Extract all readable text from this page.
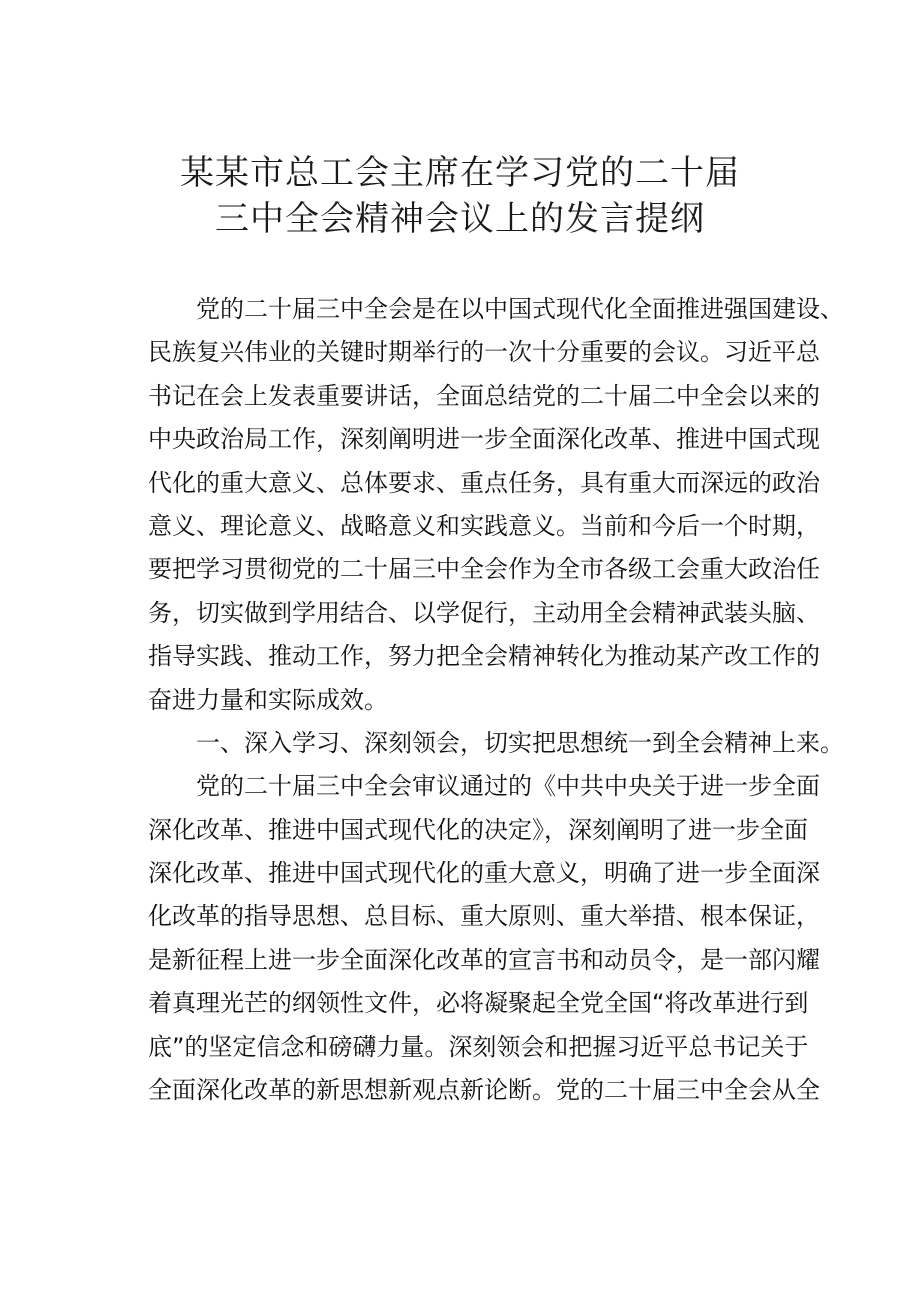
某某市总工会主席在学习党的二十届
三中全会精神会议上的发言提纲
党的二十届三中全会是在以中国式现代化全面推进强国建设、
民族复兴伟业的关键时期举行的一次十分重要的会议。习近平总
书记在会上发表重要讲话，全面总结党的二十届二中全会以来的
中央政治局工作，深刻阐明进一步全面深化改革、推进中国式现
代化的重大意义、总体要求、重点任务，具有重大而深远的政治
意义、理论意义、战略意义和实践意义。当前和今后一个时期，
要把学习贯彻党的二十届三中全会作为全市各级工会重大政治任
务，切实做到学用结合、以学促行，主动用全会精神武装头脑、
指导实践、推动工作，努力把全会精神转化为推动某产改工作的
奋进力量和实际成效。
一、深入学习、深刻领会，切实把思想统一到全会精神上来。
党的二十届三中全会审议通过的《中共中央关于进一步全面
深化改革、推进中国式现代化的决定》，深刻阐明了进一步全面
深化改革、推进中国式现代化的重大意义，明确了进一步全面深
化改革的指导思想、总目标、重大原则、重大举措、根本保证，
是新征程上进一步全面深化改革的宣言书和动员令，是一部闪耀
着真理光芒的纲领性文件，必将凝聚起全党全国“将改革进行到
底”的坚定信念和磅礴力量。深刻领会和把握习近平总书记关于
全面深化改革的新思想新观点新论断。党的二十届三中全会从全
